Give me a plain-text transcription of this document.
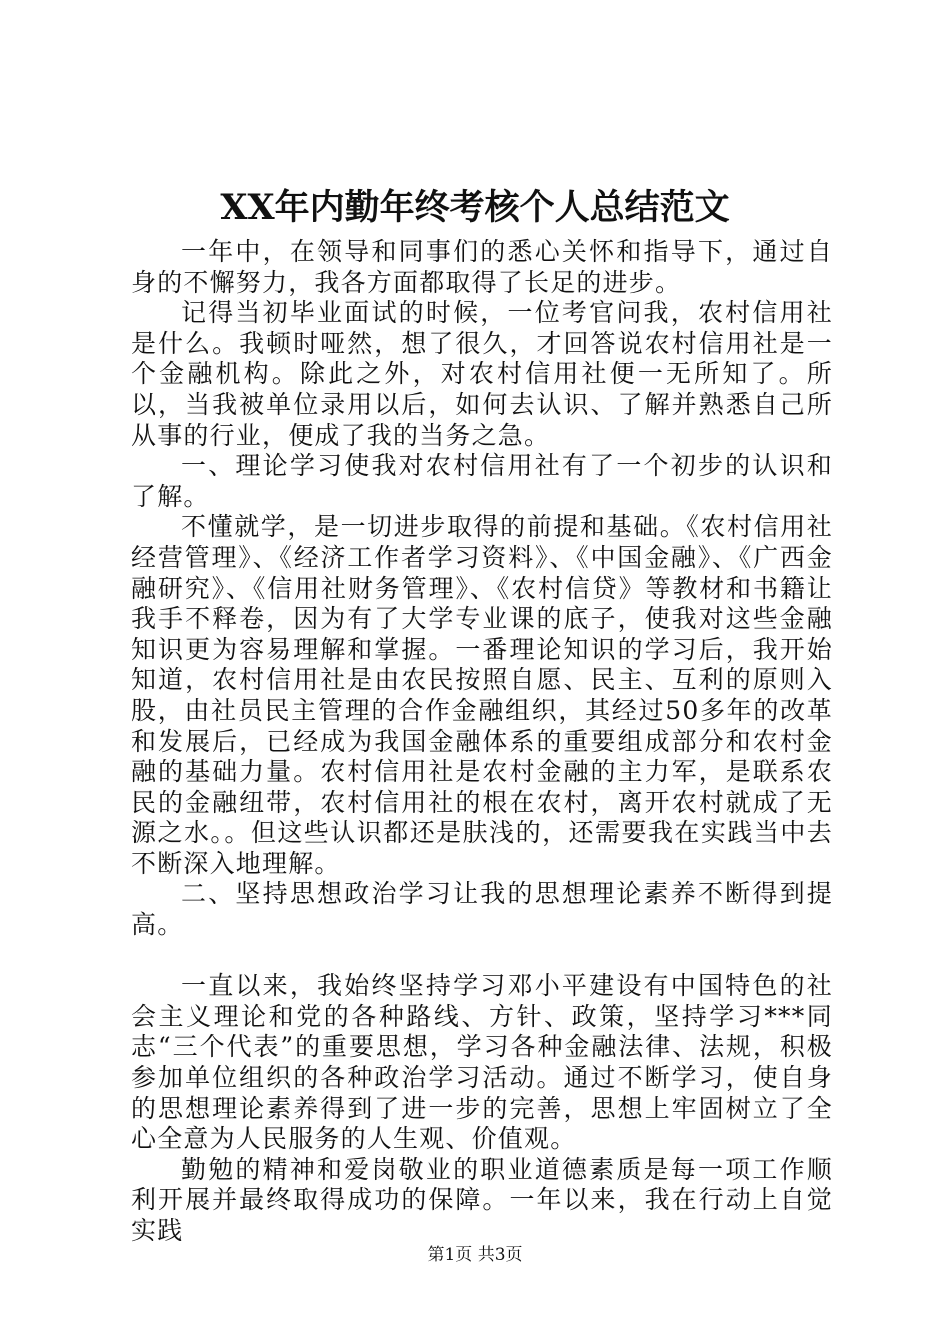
XX年内勤年终考核个人总结范文

一年中，在领导和同事们的悉心关怀和指导下，通过自身的不懈努力，我各方面都取得了长足的进步。

记得当初毕业面试的时候，一位考官问我，农村信用社是什么。我顿时哑然，想了很久，才回答说农村信用社是一个金融机构。除此之外，对农村信用社便一无所知了。所以，当我被单位录用以后，如何去认识、了解并熟悉自己所从事的行业，便成了我的当务之急。

一、理论学习使我对农村信用社有了一个初步的认识和了解。

不懂就学，是一切进步取得的前提和基础。《农村信用社经营管理》、《经济工作者学习资料》、《中国金融》、《广西金融研究》、《信用社财务管理》、《农村信贷》等教材和书籍让我手不释卷，因为有了大学专业课的底子，使我对这些金融知识更为容易理解和掌握。一番理论知识的学习后，我开始知道，农村信用社是由农民按照自愿、民主、互利的原则入股，由社员民主管理的合作金融组织，其经过50多年的改革和发展后，已经成为我国金融体系的重要组成部分和农村金融的基础力量。农村信用社是农村金融的主力军，是联系农民的金融纽带，农村信用社的根在农村，离开农村就成了无源之水。。但这些认识都还是肤浅的，还需要我在实践当中去不断深入地理解。

二、坚持思想政治学习让我的思想理论素养不断得到提高。

一直以来，我始终坚持学习邓小平建设有中国特色的社会主义理论和党的各种路线、方针、政策，坚持学习***同志“三个代表”的重要思想，学习各种金融法律、法规，积极参加单位组织的各种政治学习活动。通过不断学习，使自身的思想理论素养得到了进一步的完善，思想上牢固树立了全心全意为人民服务的人生观、价值观。

勤勉的精神和爱岗敬业的职业道德素质是每一项工作顺利开展并最终取得成功的保障。一年以来，我在行动上自觉实践

第1页 共3页
